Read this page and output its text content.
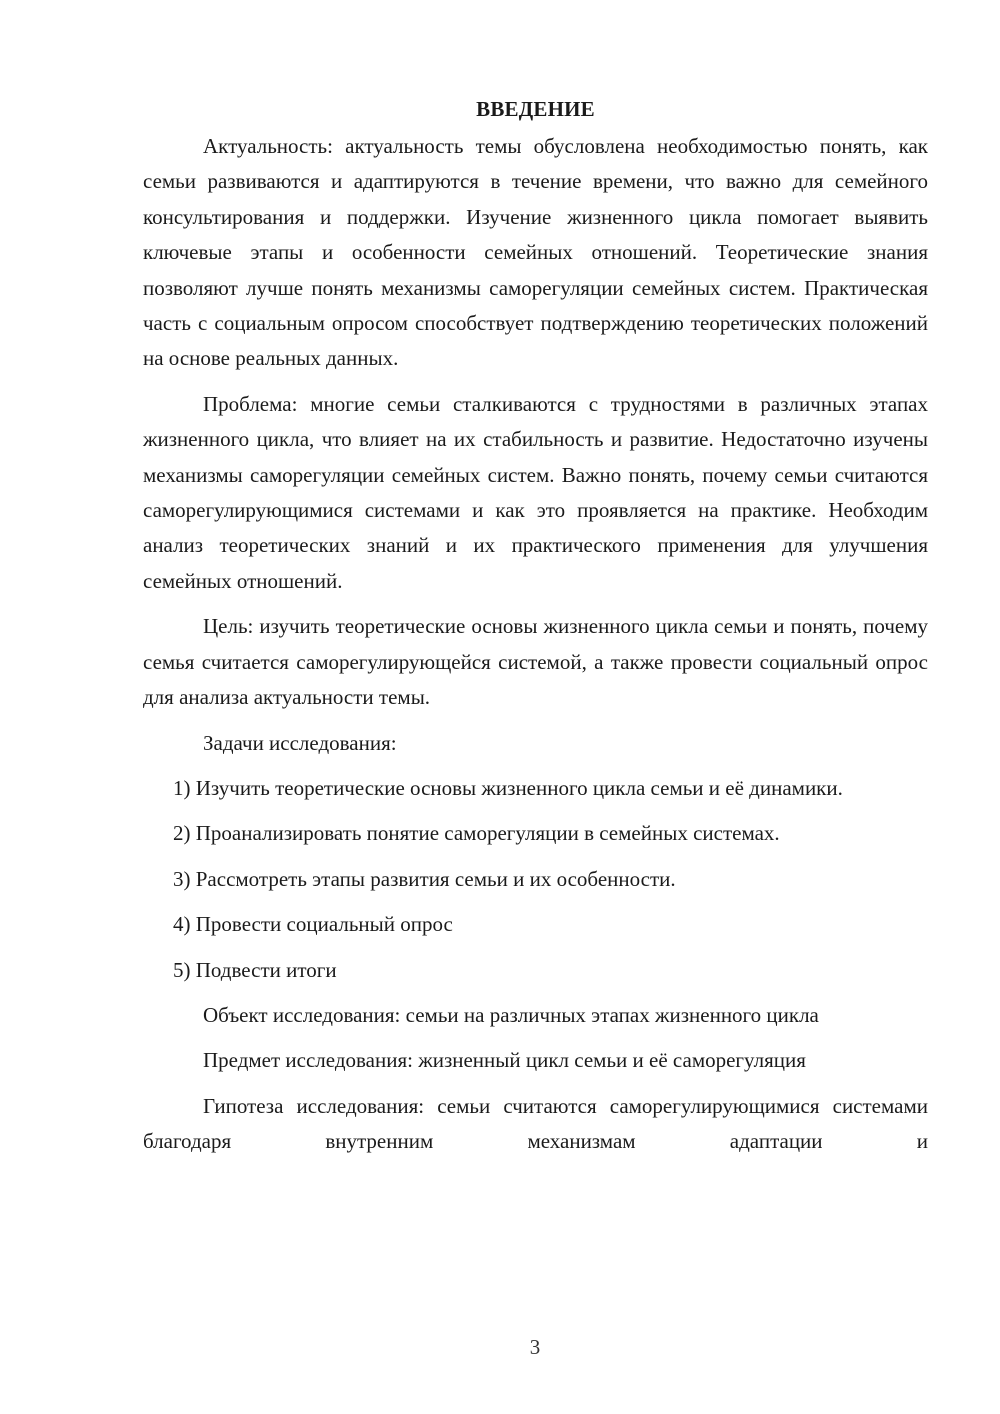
ВВЕДЕНИЕ

Актуальность: актуальность темы обусловлена необходимостью понять, как семьи развиваются и адаптируются в течение времени, что важно для семейного консультирования и поддержки. Изучение жизненного цикла помогает выявить ключевые этапы и особенности семейных отношений. Теоретические знания позволяют лучше понять механизмы саморегуляции семейных систем. Практическая часть с социальным опросом способствует подтверждению теоретических положений на основе реальных данных.

Проблема: многие семьи сталкиваются с трудностями в различных этапах жизненного цикла, что влияет на их стабильность и развитие. Недостаточно изучены механизмы саморегуляции семейных систем. Важно понять, почему семьи считаются саморегулирующимися системами и как это проявляется на практике. Необходим анализ теоретических знаний и их практического применения для улучшения семейных отношений.

Цель: изучить теоретические основы жизненного цикла семьи и понять, почему семья считается саморегулирующейся системой, а также провести социальный опрос для анализа актуальности темы.

Задачи исследования:

1) Изучить теоретические основы жизненного цикла семьи и её динамики.

2) Проанализировать понятие саморегуляции в семейных системах.

3) Рассмотреть этапы развития семьи и их особенности.

4) Провести социальный опрос

5) Подвести итоги

Объект исследования: семьи на различных этапах жизненного цикла

Предмет исследования: жизненный цикл семьи и её саморегуляция

Гипотеза исследования: семьи считаются саморегулирующимися системами благодаря внутренним механизмам адаптации и

3
